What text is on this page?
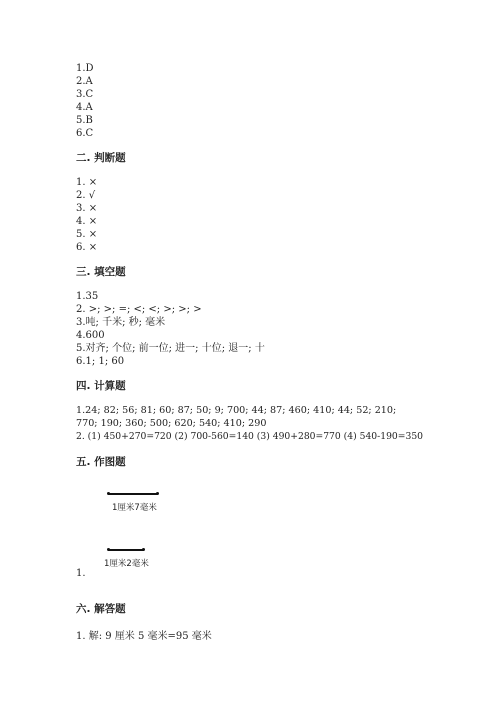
1.D
2.A
3.C
4.A
5.B
6.C
二. 判断题
1. ×
2. √
3. ×
4. ×
5. ×
6. ×
三. 填空题
1.35
2. >; >; =; <; <; >; >; >
3.吨; 千米; 秒; 毫米
4.600
5.对齐; 个位; 前一位; 进一; 十位; 退一; 十
6.1; 1; 60
四. 计算题
1.24; 82; 56; 81; 60; 87; 50; 9; 700; 44; 87; 460; 410; 44; 52; 210;
770; 190; 360; 500; 620; 540; 410; 290
2. (1) 450+270=720 (2) 700-560=140 (3) 490+280=770 (4) 540-190=350
五. 作图题
1厘米7毫米
1厘米2毫米
1.
六. 解答题
1. 解: 9 厘米 5 毫米=95 毫米
